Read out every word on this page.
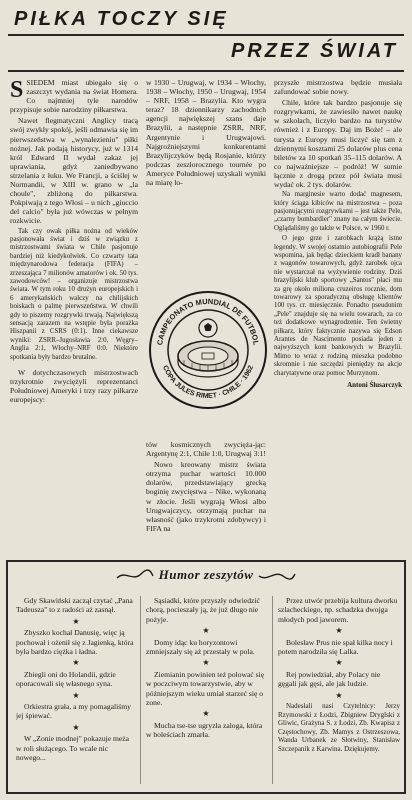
PIŁKA TOCZY SIĘ
PRZEZ ŚWIAT

SSIEDEM miast ubiegało się o zaszczyt wydania na świat Homera. Co najmniej tyle narodów przypisuje sobie narodziny piłkarstwa.

Nawet flegmatyczni Anglicy tracą swój zwykły spokój, jeśli odmawia się im pierwszeństwa w „wynalezieniu" piłki nożnej. Jak podają historycy, już w 1314 król Edward II wydał zakaz jej uprawiania, gdyż zaniedbywano strzelania z łuku. We Francji, a ściślej w Normandii, w XIII w. grano w „la choule", zbliżoną do piłkarstwa. Pokpiwają z tego Włosi – u nich „giuccio del calcio" była już wówczas w pełnym rozkwicie.

Tak czy owak piłka nożna od wieków pasjonowała świat i dziś w związku z mistrzostwami świata w Chile pasjonuje bardziej niż kiedykolwiek. Co czwarty tata międzynarodowa federacja (FIFA) – zrzeszająca 7 milionów amatorów i ok. 50 tys. zawodowców! – organizuje mistrzostwa świata. W tym roku 10 drużyn europejskich i 6 amerykańskich walczy na chilijskich boiskach o palmę pierwszeństwa. W chwili gdy to piszemy rozgrywki trwają. Największą sensacją zarazem na wstępie była porażka Hiszpanii z CSRS (0:1). Inne ciekawsze wyniki: ZSRR–Jugosławia 2:0, Węgry–Anglia 2:1, Włochy–NRF 0:0. Niektóre spotkania były bardzo brutalne.

W dotychczasowych mistrzostwach trzykrotnie zwyciężyli reprezentanci Południowej Ameryki i trzy razy piłkarze europejscy:

w 1930 – Urugwaj, w 1934 – Włochy, 1938 – Włochy, 1950 – Urugwaj, 1954 – NRF, 1958 – Brazylia. Kto wygra teraz? 18 dziennikarzy zachodnich agencji największej szans daje Brazylii, a następnie ZSRR, NRF, Argentynie i Urugwajowi. Najgroźniejszymi konkurentami Brazylijczyków będą Rosjanie, którzy podczas zeszłorocznego tournée po Ameryce Południowej uzyskali wyniki na miarę lo-

CAMPEONATO MUNDIAL DE FUTBOL
COPA JULES RIMET · CHILE · 1962

tów kosmicznych zwycięża-jąc: Argentynę 2:1, Chile 1:0, Urugwaj 3:1!

Nowo kreowany mistrz świata otrzyma puchar wartości 10.000 dolarów, przedstawiający grecką boginię zwycięstwa – Nike, wykonaną w złocie. Jeśli wygrają Włosi albo Urugwajczycy, otrzymają puchar na własność (jako trzykrotni zdobywcy) i FIFA na

przyszłe mistrzostwa będzie musiała zafundować sobie nowy.

Chile, które tak bardzo pasjonuje się rozgrywkami, że zawiesiło nawet naukę w szkołach, liczyło bardzo na turystów również i z Europy. Daj im Boże! – ale turysta z Europy musi liczyć się tam z dziennymi kosztami 25 dolarów plus cena biletów za 10 spotkań 35–115 dolarów. A co najważniejsze – podróż! W sumie łącznie z drogą przez pół świata musi wydać ok. 2 tys. dolarów.

Na marginesie warto dodać magnesem, który ściąga kibiców na mistrzostwa – poza pasjonującymi rozgrywkami – jest także Pele, „czarny bombardier" znany na całym świecie. Oglądaliśmy go także w Polsce, w 1960 r.

O jego grze i zarobkach krążą istne legendy. W swojej ostatnio autobiografii Pele wspomina, jak będąc dzieckiem kradł banany z wagonów towarowych, gdyż zarobek ojca nie wystarczał na wyżywienie rodziny. Dziś brazylijski klub sportowy „Santos" płaci mu za grę około miliona cruzeiros rocznie, dom towarowy za sporadyczną obsługę klientów 100 tys. cr. miesięcznie. Ponadto pseudonim „Pele" znajduje się na wielu towarach, za co też dodatkowe wynagrodzenie. Ten świetny piłkarz, który faktycznie nazywa się Edson Arantes de Nascimento posiada jeden z najwyższych kont bankowych w Brazylii. Mimo to wraz z rodziną mieszka podobno skromnie i nie szczędzi pieniędzy na akcje charytatywne oraz pomoc Murzynom.

Antoni Ślusarczyk
Humor zeszytów

Gdy Skawiński zaczął czytać „Pana Tadeusza" to z radości aż zasnął.

★

Zbyszko kochał Danusię, więc ją pochował i ożenił się z Jagienką, która była bardzo ciężka i ładna.

★

Zbiegli oni do Holandii, gdzie oporacowali się własnego syna.

★

Orkiestra grała, a my pomagaliśmy jej śpiewać.

★

W „Zonie modnej" pokazuje meża w roli służącego. To wcale nic nowego...

Sąsiadki, które przyszły odwiedzić chorą, pocieszały ją, że już długo nie pożyje.

★

Domy idąc ku horyzontowi zmniejszały się aż przestały w pola.

★

Ziemianin powinien też polować się w poczciwym towarzystwie, aby w późniejszym wieku umiał starzeć się o zone.

★

Mucha tse-tse ugryzła zaloga, która w boleściach zmarła.

Przez utwór przebija kultura dworku szlacheckiego, np. schadzka dwojga młodych pod jaworem.

★

Bolesław Prus nie spał kilka nocy i potem narodziła się Lalka.

★

Rej powiedział, aby Polacy nie gęgali jak gęsi, ale jak ludzie.

★

Nadesłali nasi Czytelnicy: Jerzy Rzymowski z Łodzi, Zbigniew Dryglski z Gliwic, Grażyna S. z Łodzi, Zb. Kwapisz z Częstochowy, Zb. Mamys z Ostrzeszowa, Wanda Urbanek ze Słotwiny, Stanisław Szczepanik z Karwina. Dziękujemy.
